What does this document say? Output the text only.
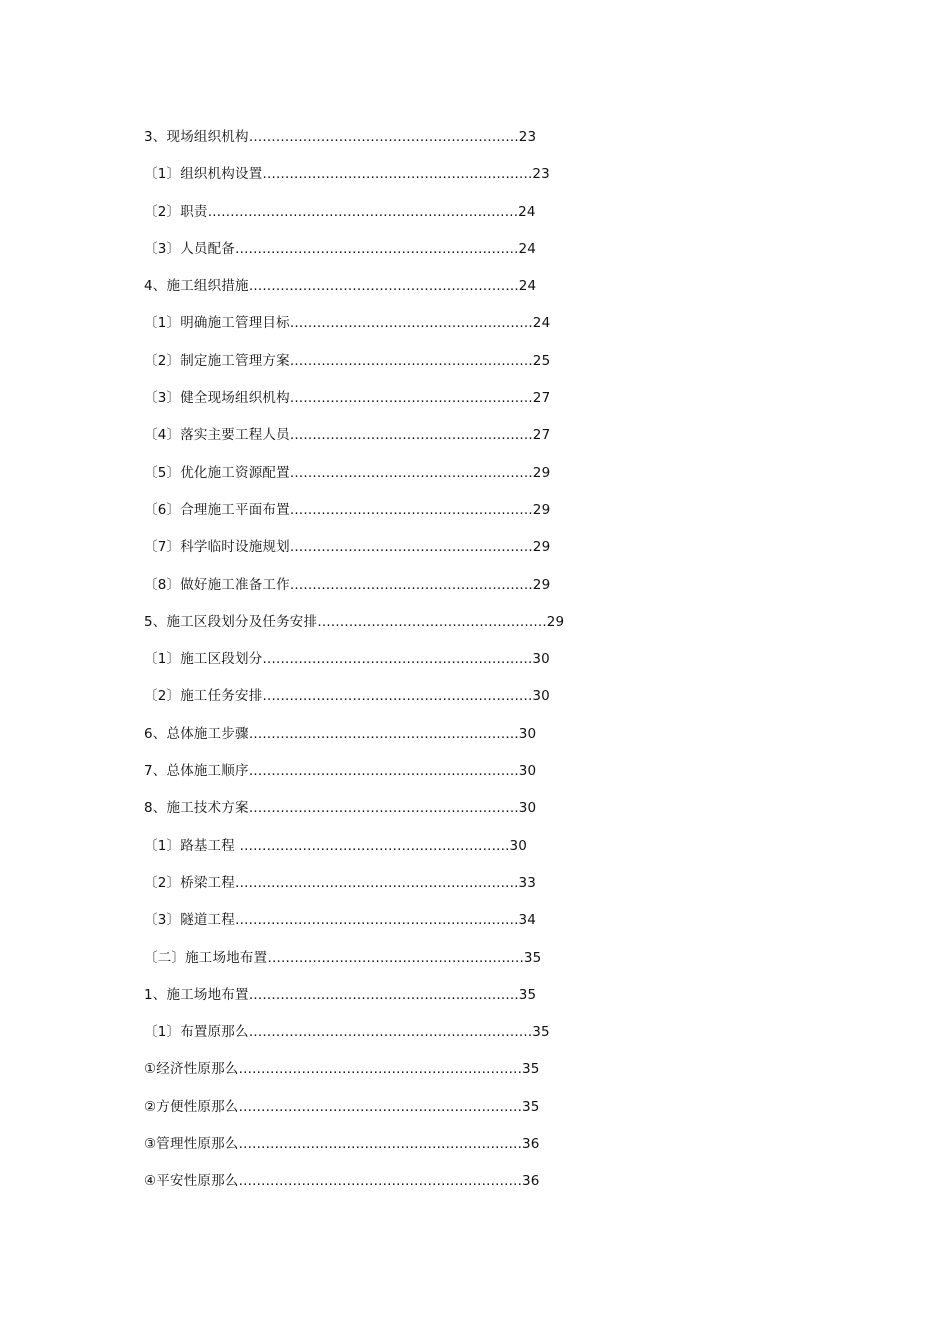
3、现场组织机构……………………………………………………23
〔1〕组织机构设置……………………………………………………23
〔2〕职责……………………………………………………………24
〔3〕人员配备………………………………………………………24
4、施工组织措施……………………………………………………24
〔1〕明确施工管理目标………………………………………………24
〔2〕制定施工管理方案………………………………………………25
〔3〕健全现场组织机构………………………………………………27
〔4〕落实主要工程人员………………………………………………27
〔5〕优化施工资源配置………………………………………………29
〔6〕合理施工平面布置………………………………………………29
〔7〕科学临时设施规划………………………………………………29
〔8〕做好施工准备工作………………………………………………29
5、施工区段划分及任务安排……………………………………………29
〔1〕施工区段划分……………………………………………………30
〔2〕施工任务安排……………………………………………………30
6、总体施工步骤……………………………………………………30
7、总体施工顺序……………………………………………………30
8、施工技术方案……………………………………………………30
〔1〕路基工程 ……………………………………………………30
〔2〕桥梁工程………………………………………………………33
〔3〕隧道工程………………………………………………………34
〔二〕施工场地布置…………………………………………………35
1、施工场地布置……………………………………………………35
〔1〕布置原那么………………………………………………………35
①经济性原那么………………………………………………………35
②方便性原那么………………………………………………………35
③管理性原那么………………………………………………………36
④平安性原那么………………………………………………………36
